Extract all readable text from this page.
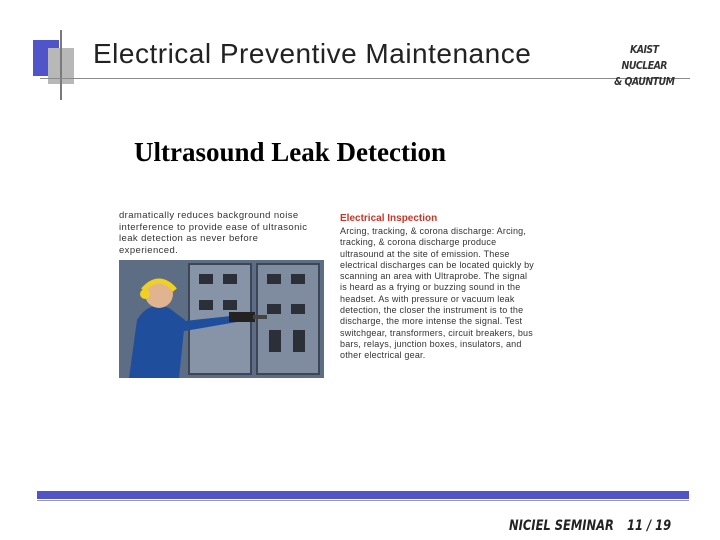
Electrical Preventive Maintenance	KAIST NUCLEAR
& QAUNTUM
Ultrasound Leak Detection
dramatically reduces background noise interference to provide ease of ultrasonic leak detection as never before experienced.
Electrical Inspection
Arcing, tracking, & corona discharge: Arcing, tracking, & corona discharge produce ultrasound at the site of emission. These electrical discharges can be located quickly by scanning an area with Ultraprobe. The signal is heard as a frying or buzzing sound in the headset. As with pressure or vacuum leak detection, the closer the instrument is to the discharge, the more intense the signal. Test switchgear, transformers, circuit breakers, bus bars, relays, junction boxes, insulators, and other electrical gear.
NICIEL SEMINAR 11 / 19
